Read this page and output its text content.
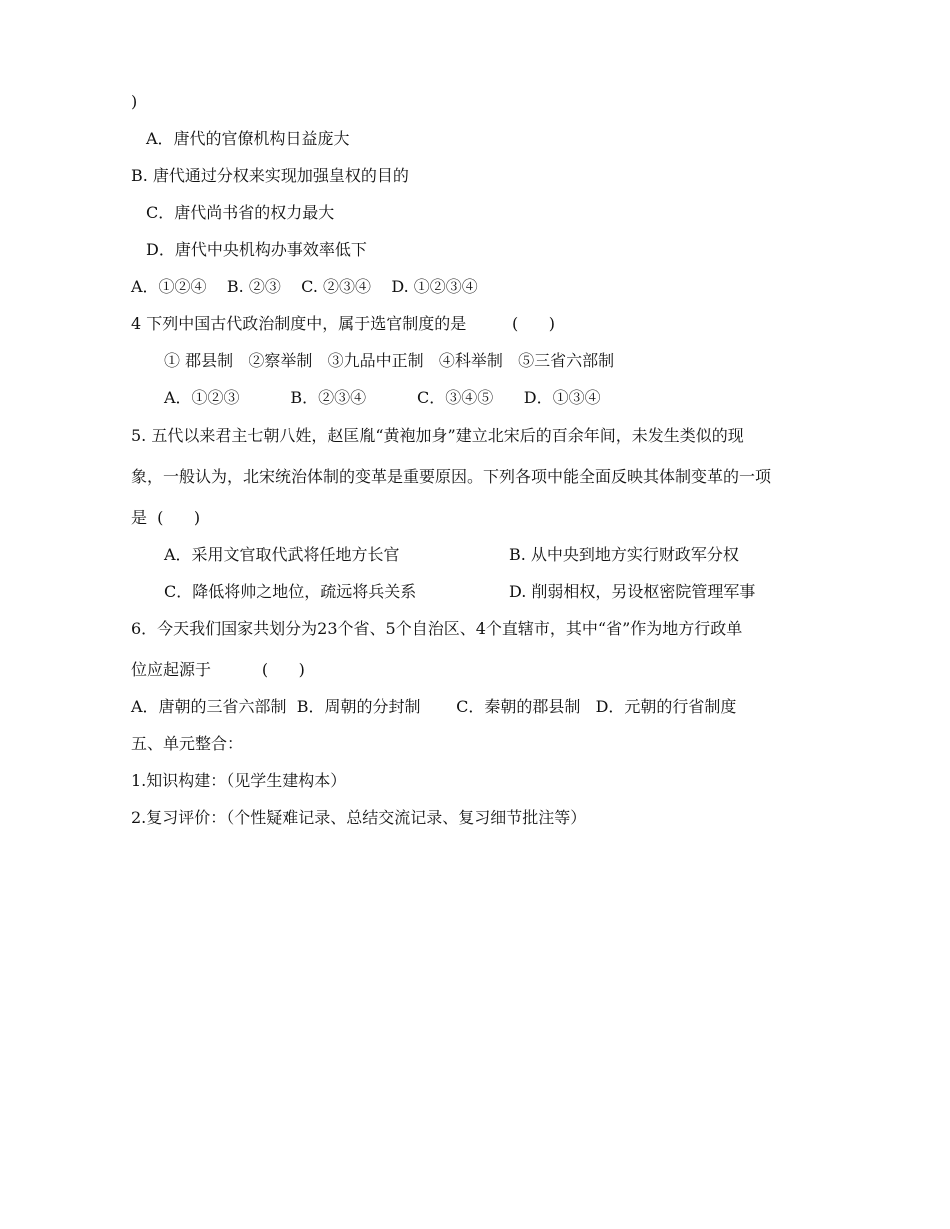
)
A．唐代的官僚机构日益庞大
B. 唐代通过分权来实现加强皇权的目的
C．唐代尚书省的权力最大
D．唐代中央机构办事效率低下
A．①②④    B. ②③    C. ②③④    D. ①②③④
4 下列中国古代政治制度中，属于选官制度的是         (      )
① 郡县制   ②察举制   ③九品中正制   ④科举制   ⑤三省六部制
A．①②③          B．②③④          C．③④⑤      D．①③④
5. 五代以来君主七朝八姓，赵匡胤“黄袍加身”建立北宋后的百余年间，未发生类似的现
象，一般认为，北宋统治体制的变革是重要原因。下列各项中能全面反映其体制变革的一项
是  (      )
A．采用文官取代武将任地方长官	B. 从中央到地方实行财政军分权
C．降低将帅之地位，疏远将兵关系	D. 削弱相权，另设枢密院管理军事
6．今天我们国家共划分为23个省、5个自治区、4个直辖市，其中“省”作为地方行政单
位应起源于          (      )
A．唐朝的三省六部制  B．周朝的分封制       C．秦朝的郡县制   D．元朝的行省制度
五、单元整合：
1.知识构建：（见学生建构本）
2.复习评价：（个性疑难记录、总结交流记录、复习细节批注等）
